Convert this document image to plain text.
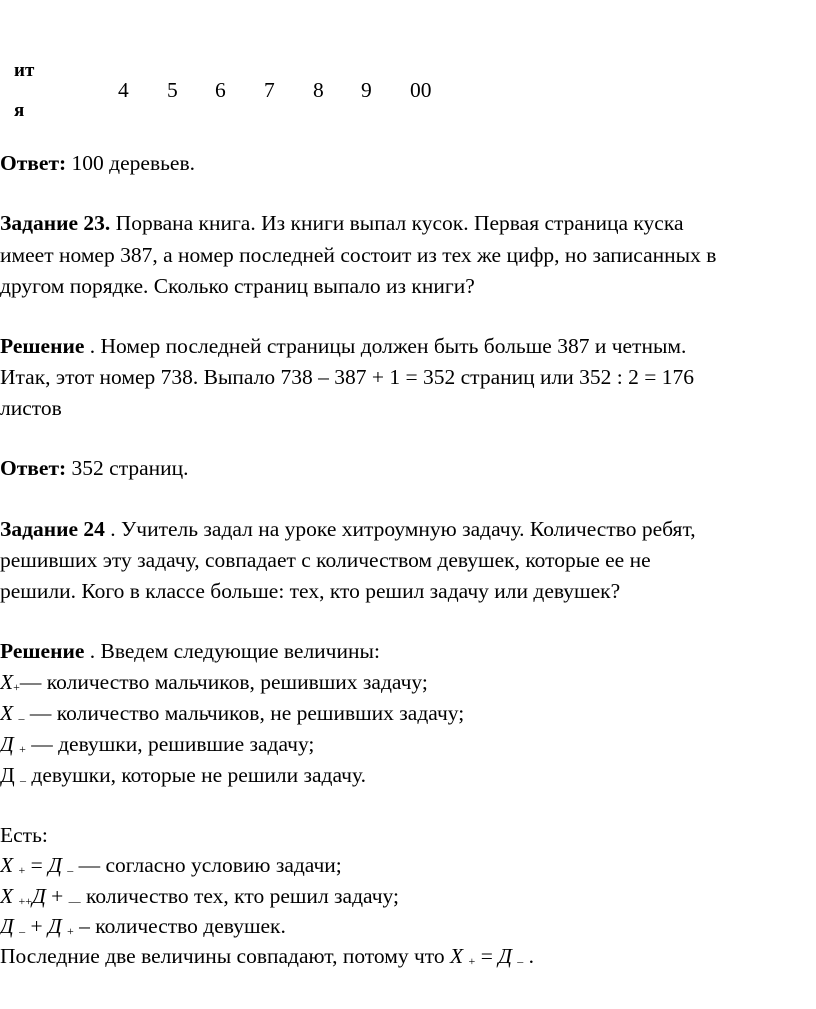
ит
я
4 5 6 7 8 9 00
Ответ: 100 деревьев.
Задание 23. Порвана книга. Из книги выпал кусок. Первая страница куска
имеет номер 387, а номер последней состоит из тех же цифр, но записанных в
другом порядке. Сколько страниц выпало из книги?
Решение . Номер последней страницы должен быть больше 387 и четным.
Итак, этот номер 738. Выпало 738 – 387 + 1 = 352 страниц или 352 : 2 = 176
листов
Ответ: 352 страниц.
Задание 24 . Учитель задал на уроке хитроумную задачу. Количество ребят,
решивших эту задачу, совпадает с количеством девушек, которые ее не
решили. Кого в классе больше: тех, кто решил задачу или девушек?
Решение . Введем следующие величины:
X+— количество мальчиков, решивших задачу;
X – — количество мальчиков, не решивших задачу;
Д + — девушки, решившие задачу;
Д – девушки, которые не решили задачу.
Есть:
X + = Д – — согласно условию задачи;
X ++Д + — количество тех, кто решил задачу;
Д – + Д + – количество девушек.
Последние две величины совпадают, потому что X + = Д – .
